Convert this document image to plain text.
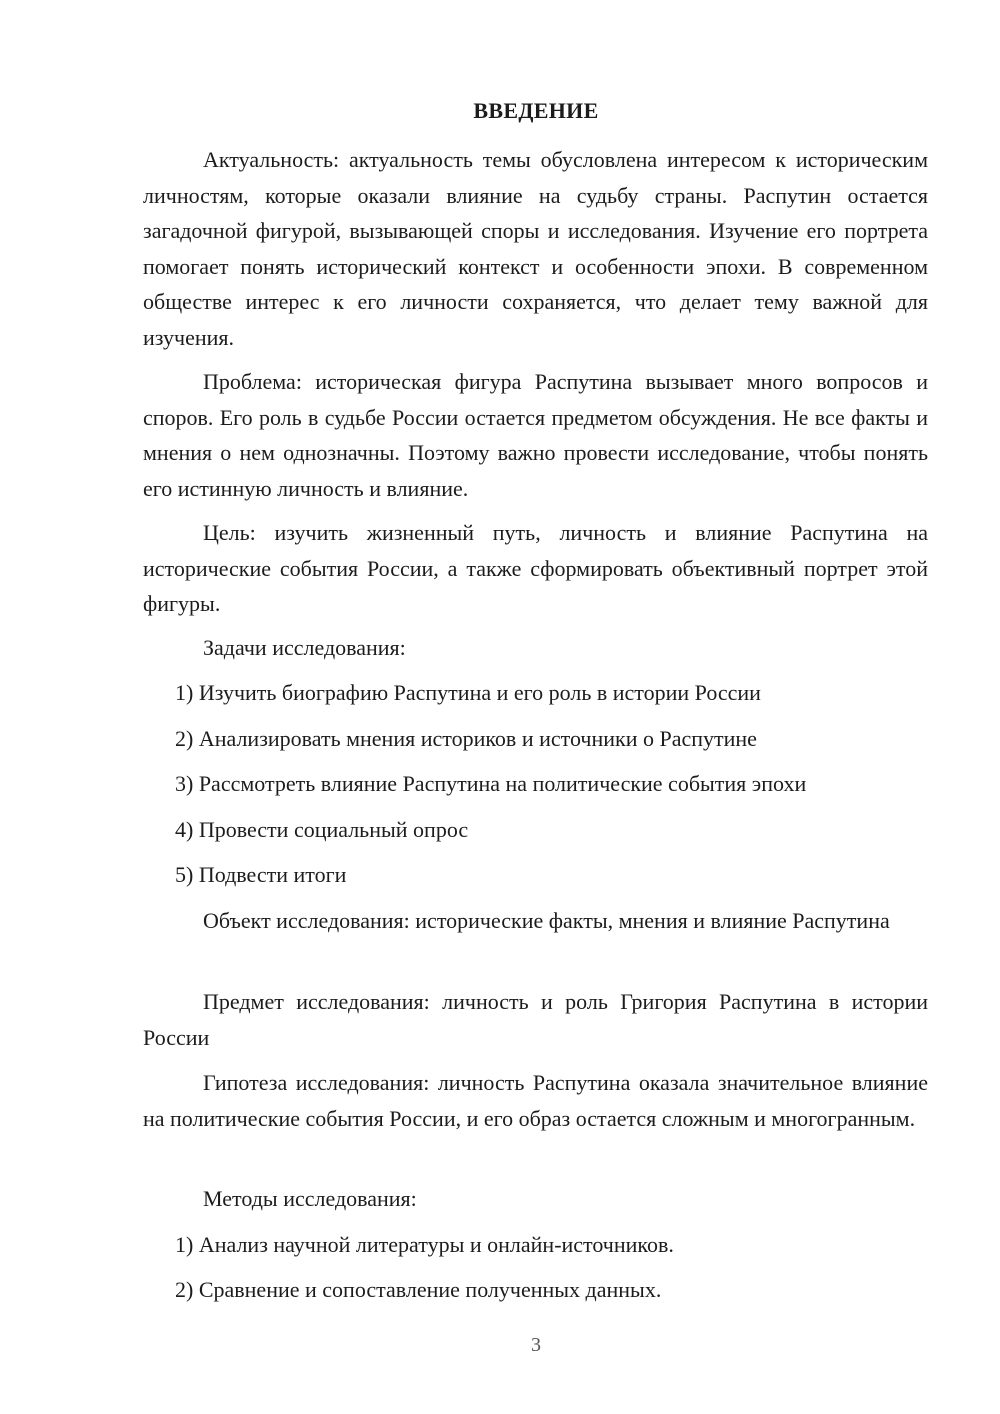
ВВЕДЕНИЕ

Актуальность: актуальность темы обусловлена интересом к историческим личностям, которые оказали влияние на судьбу страны. Распутин остается загадочной фигурой, вызывающей споры и исследования. Изучение его портрета помогает понять исторический контекст и особенности эпохи. В современном обществе интерес к его личности сохраняется, что делает тему важной для изучения.

Проблема: историческая фигура Распутина вызывает много вопросов и споров. Его роль в судьбе России остается предметом обсуждения. Не все факты и мнения о нем однозначны. Поэтому важно провести исследование, чтобы понять его истинную личность и влияние.

Цель: изучить жизненный путь, личность и влияние Распутина на исторические события России, а также сформировать объективный портрет этой фигуры.

Задачи исследования:

1) Изучить биографию Распутина и его роль в истории России
2) Анализировать мнения историков и источники о Распутине
3) Рассмотреть влияние Распутина на политические события эпохи
4) Провести социальный опрос
5) Подвести итоги

Объект исследования: исторические факты, мнения и влияние Распутина

Предмет исследования: личность и роль Григория Распутина в истории России

Гипотеза исследования: личность Распутина оказала значительное влияние на политические события России, и его образ остается сложным и многогранным.

Методы исследования:

1) Анализ научной литературы и онлайн-источников.
2) Сравнение и сопоставление полученных данных.
3
